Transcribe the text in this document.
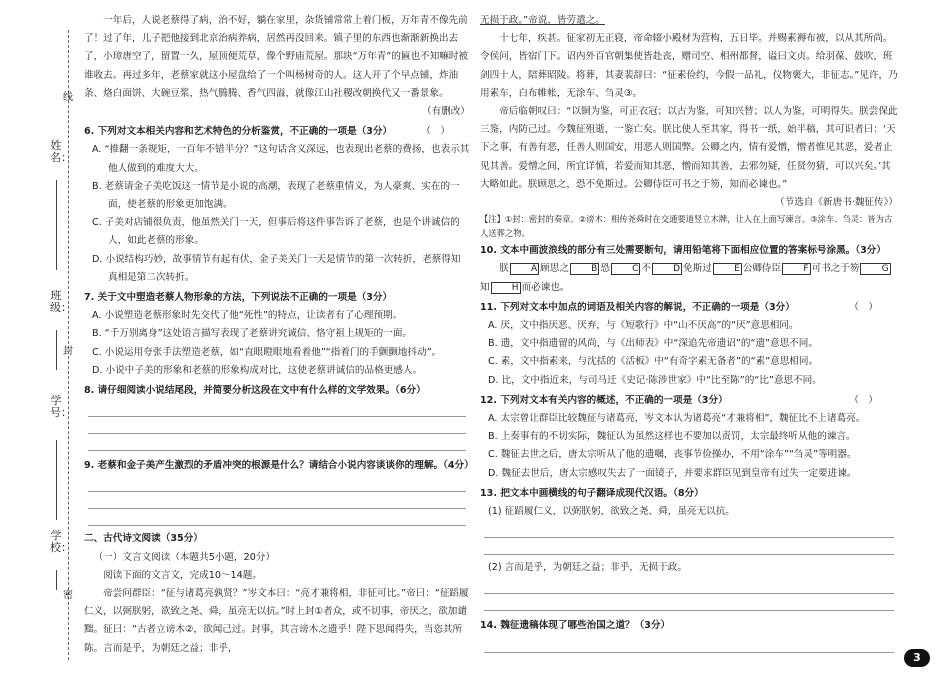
线
姓名：
班级：
封
学号：
学校：
密

一年后，人说老蔡得了病，治不好，躺在家里，杂货铺常常上着门板，万年青不像先前了！过了年，儿子把他接到北京治病养病，居然再没回来。镇子里的东西也渐渐新换出去了，小璋唐空了，留置一久，屋顶便荒草，像个野庙荒屋。那块“万年青”的匾也不知嘛时被谁收去。再过多年，老蔡家就这小屋盘给了一个叫杨树奇的人。这人开了个早点铺，炸油条、烙白面饼、大碗豆浆，热气腾腾、香气四溢，就像江山社稷改朝换代又一番景象。

（有删改）

6. 下列对文本相关内容和艺术特色的分析鉴赏，不正确的一项是（3分）	（　）

A. “推翻一条规矩，一百年不错半分？”这句话含义深远，也表现出老蔡的费扬，也表示其他人做到的难度大大。

B. 老蔡请金子美吃饭这一情节是小说的高潮，表现了老蔡重情义，为人豪爽、实在的一面，使老蔡的形象更加饱满。

C. 子美对店铺很负责，他虽然关门一天，但事后将这件事告诉了老蔡，也是个讲诚信的人，如此老蔡的形象。

D. 小说结构巧妙，故事情节有起有伏，金子美关门一天是情节的第一次转折，老蔡得知真相是第二次转折。

7. 关于文中塑造老蔡人物形象的方法，下列说法不正确的一项是（3分）

A. 小说塑造老蔡形象时先交代了他“死性”的特点，让读者有了心理预期。

B. “千万别离身”这处语言描写表现了老蔡讲究诚信、恪守祖上规矩的一面。

C. 小说运用夸张手法塑造老蔡，如“直眼瞪眼地看着他”“指着门的手颤颤地抖动”。

D. 小说中子美的形象和老蔡的形象构成对比，这使老蔡讲诚信的品格更感人。

8. 请仔细阅读小说结尾段，并简要分析这段在文中有什么样的文学效果。（6分）

9. 老蔡和金子美产生激烈的矛盾冲突的根源是什么？请结合小说内容谈谈你的理解。（4分）

二、古代诗文阅读（35分）

（一）文言文阅读（本题共5小题，20分）

阅读下面的文言文，完成10～14题。

帝尝问群臣：“征与诸葛亮孰贤？”岑文本曰：“亮才兼将相，非征可比。”帝曰：“征蹈履仁义，以弼朕躬，欲致之尧、舜，虽亮无以抗。”时上封①者众，或不切事，帝厌之，欲加谴黜。征曰：“古者立谤木②，欲闻己过。封事，其言谤木之遗乎！陛下思闻得失，当恣其所陈。言而是乎，为朝廷之益；非乎，

无损于政。”帝说，皆劳遣之。

十七年，疾甚。征家初无正寝，帝命辍小殿材为营构，五日毕。并赐素褥布被，以从其所尚。令侯问，皆宿门下。诏内外百官朝集使皆赴丧，赠司空、相州都督，谥曰文贞。给羽葆、鼓吹，班剑四十人，陪葬昭陵。将葬，其妻裴辞曰：“征素俭约，今假一品礼，仪物褒大，非征志。”见许，乃用素车，白布帷帐，无涂车、刍灵③。

帝后临朝叹曰：“以铜为鉴，可正衣冠；以古为鉴，可知兴替；以人为鉴，可明得失。朕尝保此三鉴，内防己过。今魏征殂逝，一鉴亡矣。朕比使人至其家，得书一纸，始半稿，其可识者曰：‘天下之事，有善有恶，任善人则国安，用恶人则国弊。公卿之内，情有爱憎，憎者惟见其恶，爱者止见其善。爱憎之间，所宜详慎，若爱而知其恶，憎而知其善，去邪勿疑，任贤勿猜，可以兴矣。’其大略如此。朕顾思之，恐不免斯过。公卿侍臣可书之于笏，知而必谏也。”

（节选自《新唐书·魏征传》）

【注】①封：密封的奏章。②谤木：相传尧舜时在交通要道竖立木牌，让人在上面写谏言。③涂车、刍灵：皆为古人送葬之物。

10. 文本中画波浪线的部分有三处需要断句，请用铅笔将下面相应位置的答案标号涂黑。（3分）

朕 A 顾思之 B 恐 C 不 D 免斯过 E 公卿侍臣 F 可书之于笏 G知 H 而必谏也。

11. 下列对文本中加点的词语及相关内容的解说，不正确的一项是（3分）	（　）

A. 厌，文中指厌恶、厌弃，与《短歌行》中“山不厌高”的“厌”意思相同。

B. 遗，文中指遗留的风尚，与《出师表》中“深追先帝遗诏”的“遗”意思不同。

C. 素，文中指素来，与沈括的《活板》中“有奇字素无备者”的“素”意思相同。

D. 比，文中指近来，与司马迁《史记·陈涉世家》中“比至陈”的“比”意思不同。

12. 下列对文本有关内容的概述，不正确的一项是（3分）	（　）

A. 太宗曾让群臣比较魏征与诸葛亮，岑文本认为诸葛亮“才兼将相”，魏征比不上诸葛亮。

B. 上奏事有的不切实际，魏征认为虽然这样也不要加以责罚，太宗最终听从他的谏言。

C. 魏征去世之后，唐太宗听从了他的遗嘱，丧事节俭操办，不用“涂车”“刍灵”等明器。

D. 魏征去世后，唐太宗感叹失去了一面镜子，并要求群臣见到皇帝有过失一定要进谏。

13. 把文本中画横线的句子翻译成现代汉语。（8分）

(1) 征蹈履仁义，以弼朕躬，欲致之尧、舜，虽亮无以抗。

(2) 言而是乎，为朝廷之益；非乎，无损于政。

14. 魏征遗稿体现了哪些治国之道？（3分）

3
